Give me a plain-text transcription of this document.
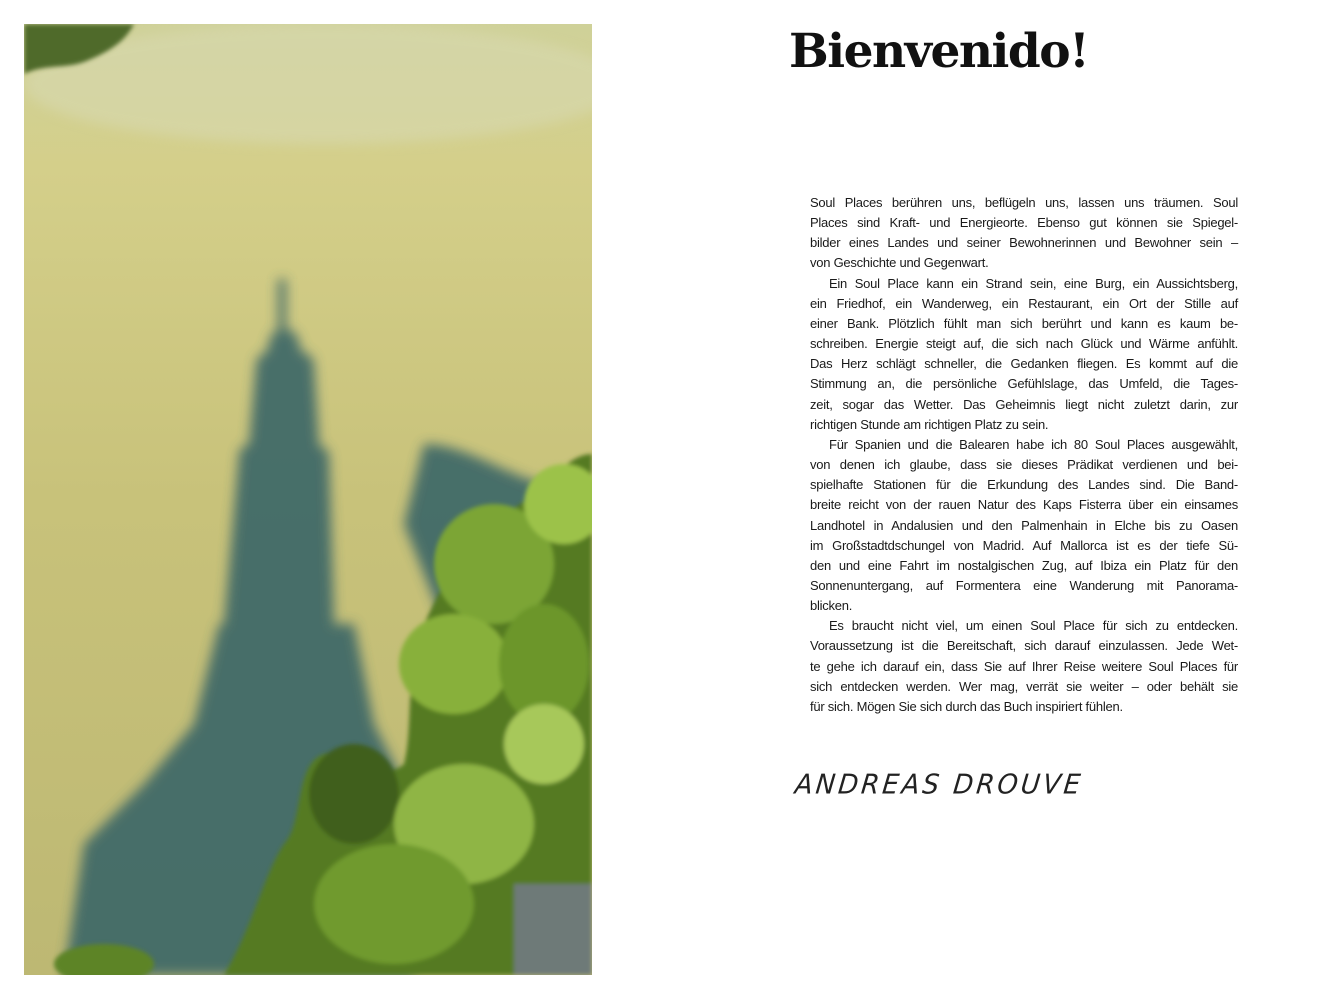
Bienvenido!
Soul Places berühren uns, beflügeln uns, lassen uns träumen. Soul
Places sind Kraft- und Energieorte. Ebenso gut können sie Spiegel-
bilder eines Landes und seiner Bewohnerinnen und Bewohner sein –
von Geschichte und Gegenwart.
Ein Soul Place kann ein Strand sein, eine Burg, ein Aussichtsberg,
ein Friedhof, ein Wanderweg, ein Restaurant, ein Ort der Stille auf
einer Bank. Plötzlich fühlt man sich berührt und kann es kaum be-
schreiben. Energie steigt auf, die sich nach Glück und Wärme anfühlt.
Das Herz schlägt schneller, die Gedanken fliegen. Es kommt auf die
Stimmung an, die persönliche Gefühlslage, das Umfeld, die Tages-
zeit, sogar das Wetter. Das Geheimnis liegt nicht zuletzt darin, zur
richtigen Stunde am richtigen Platz zu sein.
Für Spanien und die Balearen habe ich 80 Soul Places ausgewählt,
von denen ich glaube, dass sie dieses Prädikat verdienen und bei-
spielhafte Stationen für die Erkundung des Landes sind. Die Band-
breite reicht von der rauen Natur des Kaps Fisterra über ein einsames
Landhotel in Andalusien und den Palmenhain in Elche bis zu Oasen
im Großstadtdschungel von Madrid. Auf Mallorca ist es der tiefe Sü-
den und eine Fahrt im nostalgischen Zug, auf Ibiza ein Platz für den
Sonnenuntergang, auf Formentera eine Wanderung mit Panorama-
blicken.
Es braucht nicht viel, um einen Soul Place für sich zu entdecken.
Voraussetzung ist die Bereitschaft, sich darauf einzulassen. Jede Wet-
te gehe ich darauf ein, dass Sie auf Ihrer Reise weitere Soul Places für
sich entdecken werden. Wer mag, verrät sie weiter – oder behält sie
für sich. Mögen Sie sich durch das Buch inspiriert fühlen.
ANDREAS DROUVE
